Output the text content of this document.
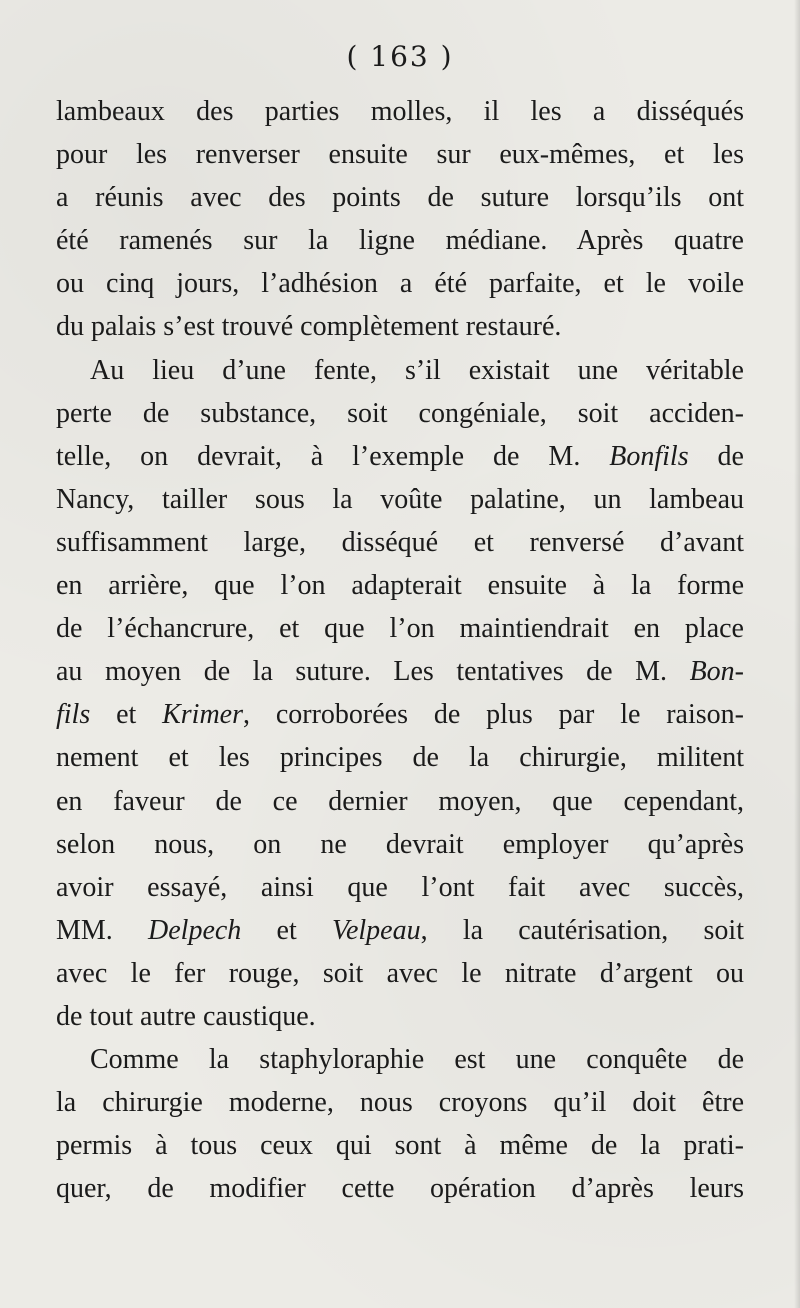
( 163 )

lambeaux des parties molles, il les a disséqués
pour les renverser ensuite sur eux-mêmes, et les
a réunis avec des points de suture lorsqu’ils ont
été ramenés sur la ligne médiane. Après quatre
ou cinq jours, l’adhésion a été parfaite, et le voile
du palais s’est trouvé complètement restauré.

Au lieu d’une fente, s’il existait une véritable
perte de substance, soit congéniale, soit acciden-
telle, on devrait, à l’exemple de M. Bonfils de
Nancy, tailler sous la voûte palatine, un lambeau
suffisamment large, disséqué et renversé d’avant
en arrière, que l’on adapterait ensuite à la forme
de l’échancrure, et que l’on maintiendrait en place
au moyen de la suture. Les tentatives de M. Bon-
fils et Krimer, corroborées de plus par le raison-
nement et les principes de la chirurgie, militent
en faveur de ce dernier moyen, que cependant,
selon nous, on ne devrait employer qu’après
avoir essayé, ainsi que l’ont fait avec succès,
MM. Delpech et Velpeau, la cautérisation, soit
avec le fer rouge, soit avec le nitrate d’argent ou
de tout autre caustique.

Comme la staphyloraphie est une conquête de
la chirurgie moderne, nous croyons qu’il doit être
permis à tous ceux qui sont à même de la prati-
quer, de modifier cette opération d’après leurs
